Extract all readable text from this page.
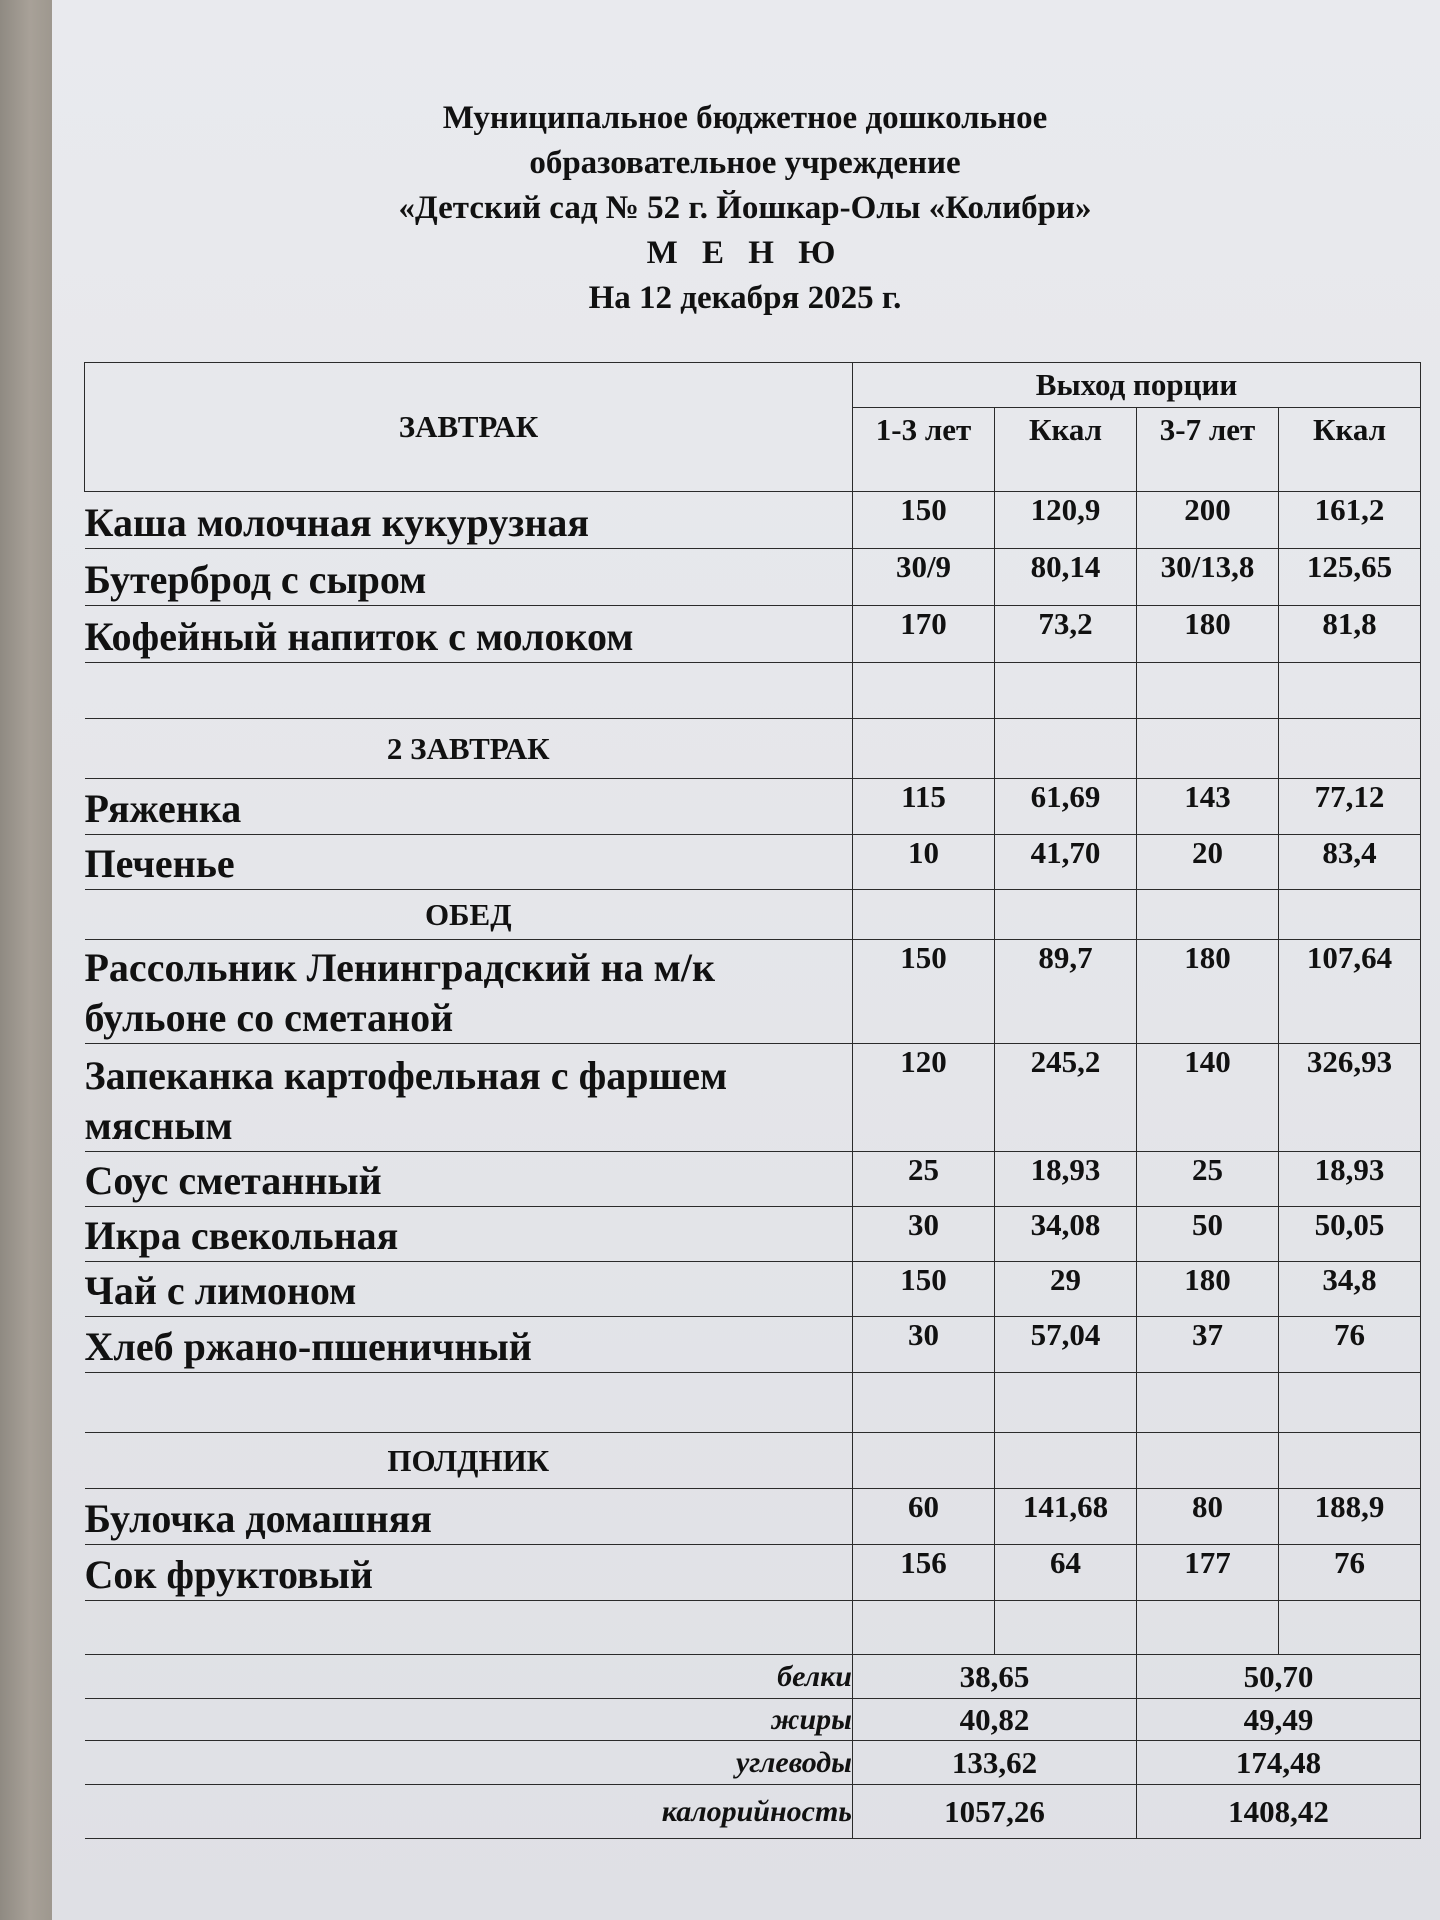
Муниципальное бюджетное дошкольное
образовательное учреждение
«Детский сад № 52 г. Йошкар-Олы «Колибри»
М Е Н Ю
На 12 декабря 2025 г.
ЗАВТРАК	Выход порции			
	1-3 лет	Ккал	3-7 лет	Ккал
Каша молочная кукурузная	150	120,9	200	161,2
Бутерброд с сыром	30/9	80,14	30/13,8	125,65
Кофейный напиток с молоком	170	73,2	180	81,8

2 ЗАВТРАК				
Ряженка	115	61,69	143	77,12
Печенье	10	41,70	20	83,4
ОБЕД				
Рассольник Ленинградский на м/к бульоне со сметаной	150	89,7	180	107,64
Запеканка картофельная с фаршем мясным	120	245,2	140	326,93
Соус сметанный	25	18,93	25	18,93
Икра свекольная	30	34,08	50	50,05
Чай с лимоном	150	29	180	34,8
Хлеб ржано-пшеничный	30	57,04	37	76

ПОЛДНИК				
Булочка домашняя	60	141,68	80	188,9
Сок фруктовый	156	64	177	76

белки	38,65		50,70	
жиры	40,82		49,49	
углеводы	133,62		174,48	
калорийность	1057,26		1408,42	
